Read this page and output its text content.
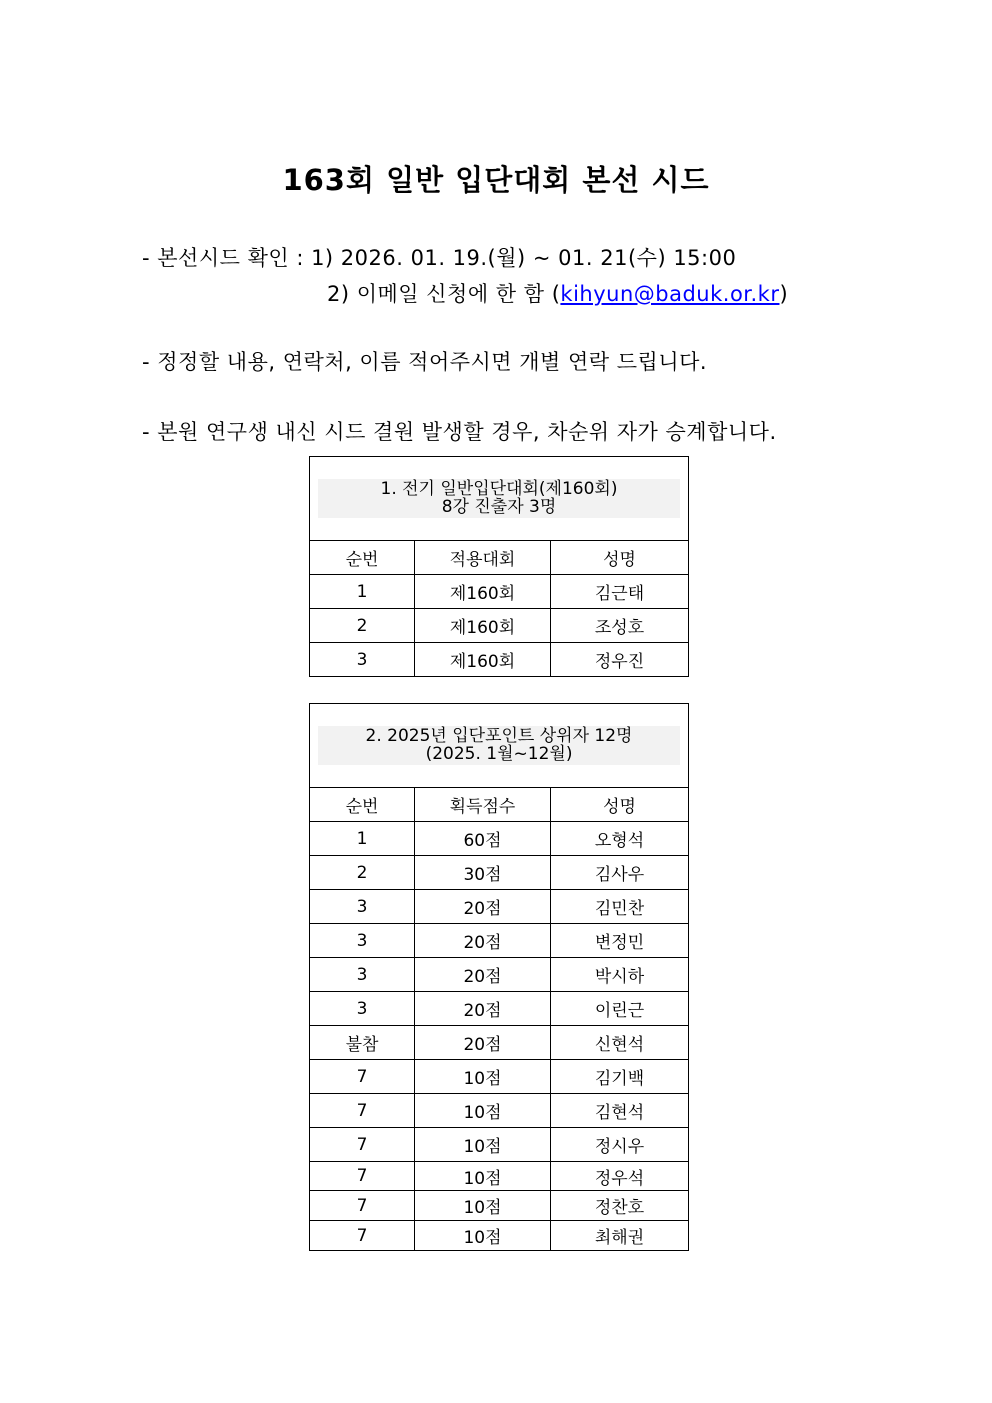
163회 일반 입단대회 본선 시드
- 본선시드 확인 : 1) 2026. 01. 19.(월) ~ 01. 21(수) 15:00
2) 이메일 신청에 한 함 (kihyun@baduk.or.kr)
- 정정할 내용, 연락처, 이름 적어주시면 개별 연락 드립니다.
- 본원 연구생 내신 시드 결원 발생할 경우, 차순위 자가 승계합니다.
1. 전기 일반입단대회(제160회)
8강 진출자 3명		

순번	적용대회	성명
1	제160회	김근태
2	제160회	조성호
3	제160회	정우진
2. 2025년 입단포인트 상위자 12명
(2025. 1월~12월)		

순번	획득점수	성명
1	60점	오형석
2	30점	김사우
3	20점	김민찬
3	20점	변정민
3	20점	박시하
3	20점	이린근
불참	20점	신현석
7	10점	김기백
7	10점	김현석
7	10점	정시우
7	10점	정우석
7	10점	정찬호
7	10점	최해권
